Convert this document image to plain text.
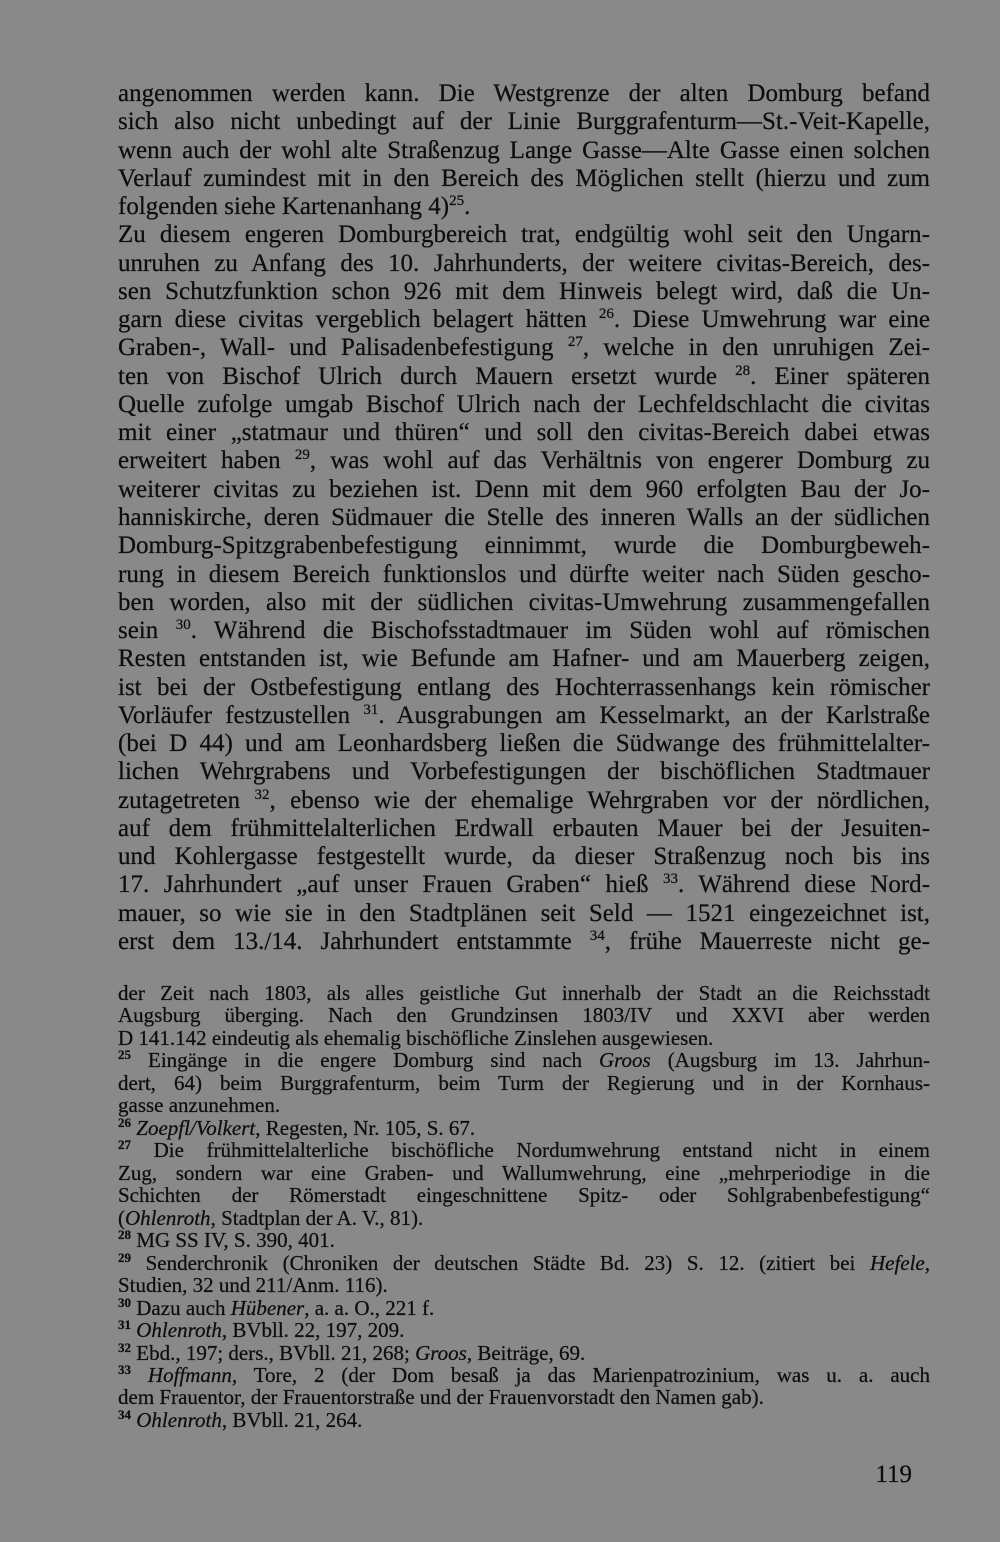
angenommen werden kann. Die Westgrenze der alten Domburg befand
sich also nicht unbedingt auf der Linie Burggrafenturm—St.-Veit-Kapelle,
wenn auch der wohl alte Straßenzug Lange Gasse—Alte Gasse einen solchen
Verlauf zumindest mit in den Bereich des Möglichen stellt (hierzu und zum
folgenden siehe Kartenanhang 4)$^{25}$.
Zu diesem engeren Domburgbereich trat, endgültig wohl seit den Ungarn-
unruhen zu Anfang des 10. Jahrhunderts, der weitere civitas-Bereich, des-
sen Schutzfunktion schon 926 mit dem Hinweis belegt wird, daß die Un-
garn diese civitas vergeblich belagert hätten $^{26}$. Diese Umwehrung war eine
Graben-, Wall- und Palisadenbefestigung $^{27}$, welche in den unruhigen Zei-
ten von Bischof Ulrich durch Mauern ersetzt wurde $^{28}$. Einer späteren
Quelle zufolge umgab Bischof Ulrich nach der Lechfeldschlacht die civitas
mit einer „statmaur und thüren“ und soll den civitas-Bereich dabei etwas
erweitert haben $^{29}$, was wohl auf das Verhältnis von engerer Domburg zu
weiterer civitas zu beziehen ist. Denn mit dem 960 erfolgten Bau der Jo-
hanniskirche, deren Südmauer die Stelle des inneren Walls an der südlichen
Domburg-Spitzgrabenbefestigung einnimmt, wurde die Domburgbeweh-
rung in diesem Bereich funktionslos und dürfte weiter nach Süden gescho-
ben worden, also mit der südlichen civitas-Umwehrung zusammengefallen
sein $^{30}$. Während die Bischofsstadtmauer im Süden wohl auf römischen
Resten entstanden ist, wie Befunde am Hafner- und am Mauerberg zeigen,
ist bei der Ostbefestigung entlang des Hochterrassenhangs kein römischer
Vorläufer festzustellen $^{31}$. Ausgrabungen am Kesselmarkt, an der Karlstraße
(bei D 44) und am Leonhardsberg ließen die Südwange des frühmittelalter-
lichen Wehrgrabens und Vorbefestigungen der bischöflichen Stadtmauer
zutagetreten $^{32}$, ebenso wie der ehemalige Wehrgraben vor der nördlichen,
auf dem frühmittelalterlichen Erdwall erbauten Mauer bei der Jesuiten-
und Kohlergasse festgestellt wurde, da dieser Straßenzug noch bis ins
17. Jahrhundert „auf unser Frauen Graben“ hieß $^{33}$. Während diese Nord-
mauer, so wie sie in den Stadtplänen seit Seld — 1521 eingezeichnet ist,
erst dem 13./14. Jahrhundert entstammte $^{34}$, frühe Mauerreste nicht ge-
der Zeit nach 1803, als alles geistliche Gut innerhalb der Stadt an die Reichsstadt
Augsburg überging. Nach den Grundzinsen 1803/IV und XXVI aber werden
D 141.142 eindeutig als ehemalig bischöfliche Zinslehen ausgewiesen.
$^{25}$ Eingänge in die engere Domburg sind nach Groos (Augsburg im 13. Jahrhun-
dert, 64) beim Burggrafenturm, beim Turm der Regierung und in der Kornhaus-
gasse anzunehmen.
$^{26}$ Zoepfl/Volkert, Regesten, Nr. 105, S. 67.
$^{27}$ Die frühmittelalterliche bischöfliche Nordumwehrung entstand nicht in einem
Zug, sondern war eine Graben- und Wallumwehrung, eine „mehrperiodige in die
Schichten der Römerstadt eingeschnittene Spitz- oder Sohlgrabenbefestigung“
(Ohlenroth, Stadtplan der A. V., 81).
$^{28}$ MG SS IV, S. 390, 401.
$^{29}$ Senderchronik (Chroniken der deutschen Städte Bd. 23) S. 12. (zitiert bei Hefele,
Studien, 32 und 211/Anm. 116).
$^{30}$ Dazu auch Hübener, a. a. O., 221 f.
$^{31}$ Ohlenroth, BVbll. 22, 197, 209.
$^{32}$ Ebd., 197; ders., BVbll. 21, 268; Groos, Beiträge, 69.
$^{33}$ Hoffmann, Tore, 2 (der Dom besaß ja das Marienpatrozinium, was u. a. auch
dem Frauentor, der Frauentorstraße und der Frauenvorstadt den Namen gab).
$^{34}$ Ohlenroth, BVbll. 21, 264.
119
